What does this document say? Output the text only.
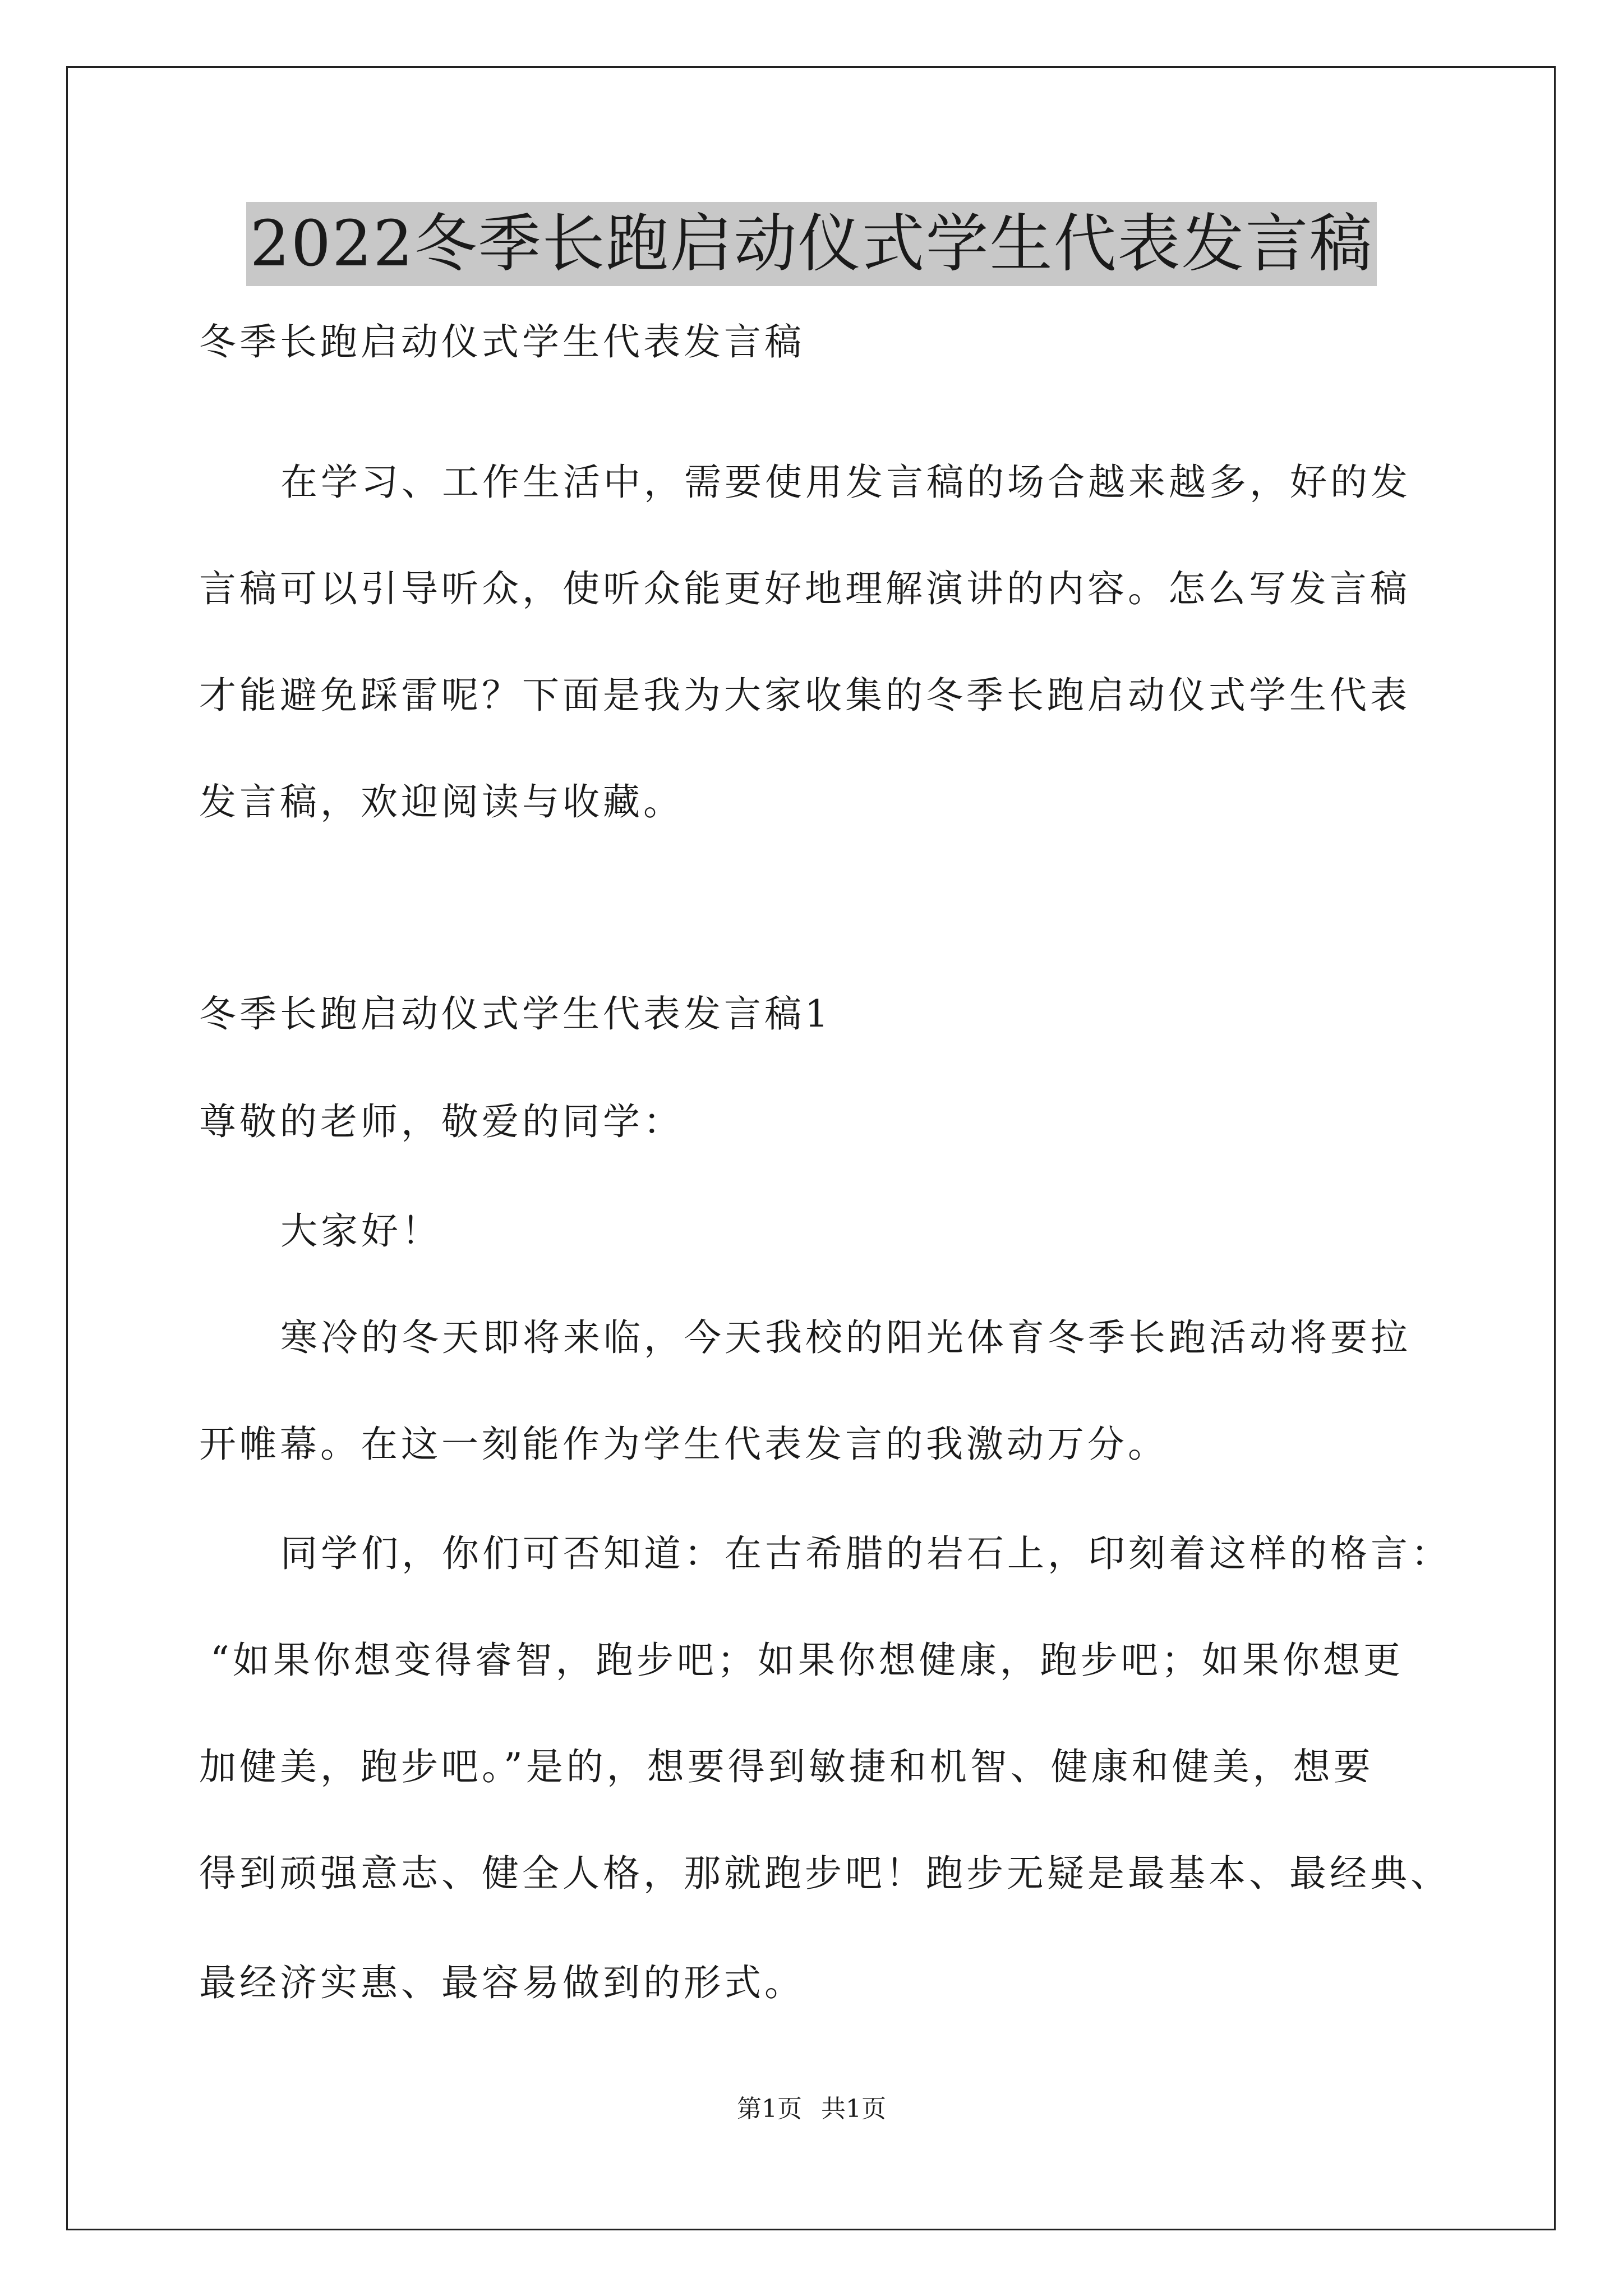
2022冬季长跑启动仪式学生代表发言稿

冬季长跑启动仪式学生代表发言稿

在学习、工作生活中，需要使用发言稿的场合越来越多，好的发

言稿可以引导听众，使听众能更好地理解演讲的内容。怎么写发言稿

才能避免踩雷呢？下面是我为大家收集的冬季长跑启动仪式学生代表

发言稿，欢迎阅读与收藏。

冬季长跑启动仪式学生代表发言稿1

尊敬的老师，敬爱的同学：

大家好！

寒冷的冬天即将来临，今天我校的阳光体育冬季长跑活动将要拉

开帷幕。在这一刻能作为学生代表发言的我激动万分。

同学们，你们可否知道：在古希腊的岩石上，印刻着这样的格言：

“如果你想变得睿智，跑步吧；如果你想健康，跑步吧；如果你想更

加健美，跑步吧。”是的，想要得到敏捷和机智、健康和健美，想要

得到顽强意志、健全人格，那就跑步吧！跑步无疑是最基本、最经典、

最经济实惠、最容易做到的形式。

第1页 共1页
